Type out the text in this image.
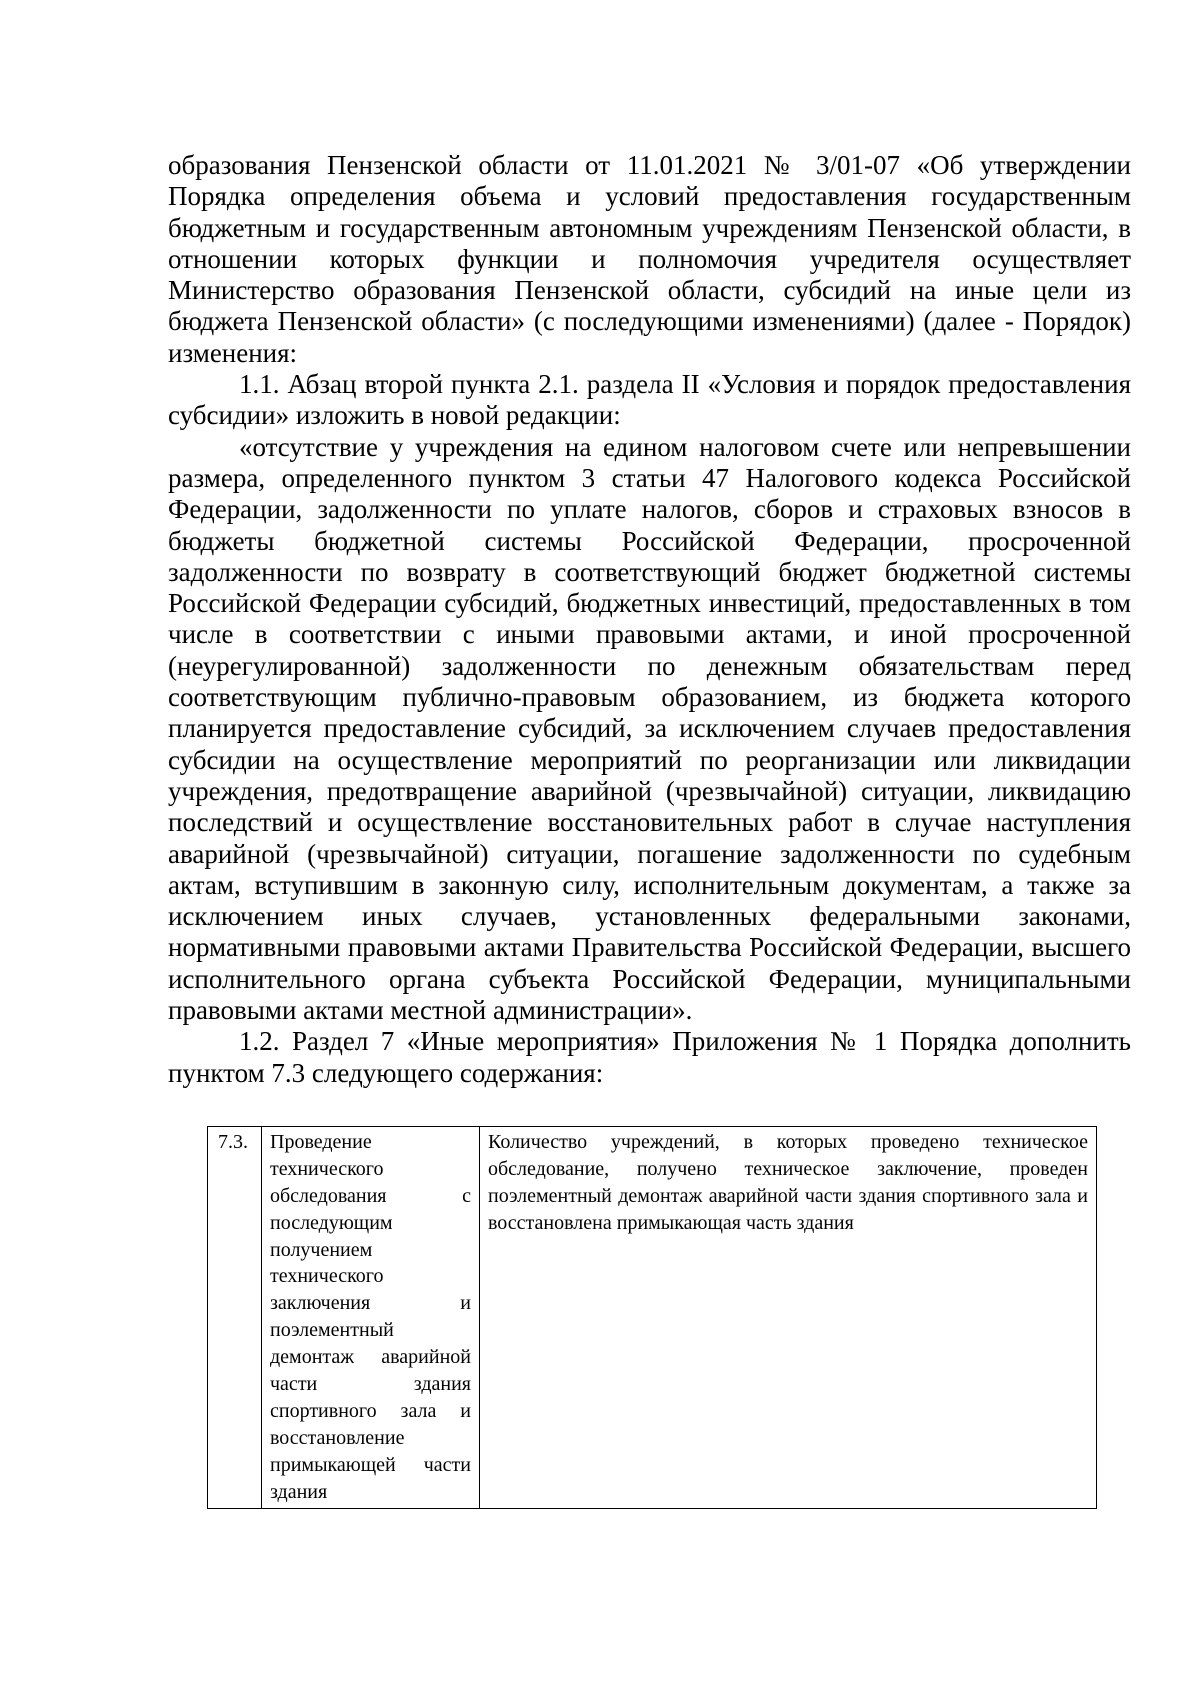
образования Пензенской области от 11.01.2021 № 3/01-07 «Об утверждении Порядка определения объема и условий предоставления государственным бюджетным и государственным автономным учреждениям Пензенской области, в отношении которых функции и полномочия учредителя осуществляет Министерство образования Пензенской области, субсидий на иные цели из бюджета Пензенской области» (с последующими изменениями) (далее - Порядок) изменения:

1.1. Абзац второй пункта 2.1. раздела II «Условия и порядок предоставления субсидии» изложить в новой редакции:

«отсутствие у учреждения на едином налоговом счете или непревышении размера, определенного пунктом 3 статьи 47 Налогового кодекса Российской Федерации, задолженности по уплате налогов, сборов и страховых взносов в бюджеты бюджетной системы Российской Федерации, просроченной задолженности по возврату в соответствующий бюджет бюджетной системы Российской Федерации субсидий, бюджетных инвестиций, предоставленных в том числе в соответствии с иными правовыми актами, и иной просроченной (неурегулированной) задолженности по денежным обязательствам перед соответствующим публично-правовым образованием, из бюджета которого планируется предоставление субсидий, за исключением случаев предоставления субсидии на осуществление мероприятий по реорганизации или ликвидации учреждения, предотвращение аварийной (чрезвычайной) ситуации, ликвидацию последствий и осуществление восстановительных работ в случае наступления аварийной (чрезвычайной) ситуации, погашение задолженности по судебным актам, вступившим в законную силу, исполнительным документам, а также за исключением иных случаев, установленных федеральными законами, нормативными правовыми актами Правительства Российской Федерации, высшего исполнительного органа субъекта Российской Федерации, муниципальными правовыми актами местной администрации».

1.2. Раздел 7 «Иные мероприятия» Приложения № 1 Порядка дополнить пунктом 7.3 следующего содержания:

7.3.	Проведение технического обследования с последующим получением технического заключения и поэлементный демонтаж аварийной части здания спортивного зала и восстановление примыкающей части здания	Количество учреждений, в которых проведено техническое обследование, получено техническое заключение, проведен поэлементный демонтаж аварийной части здания спортивного зала и восстановлена примыкающая часть здания
